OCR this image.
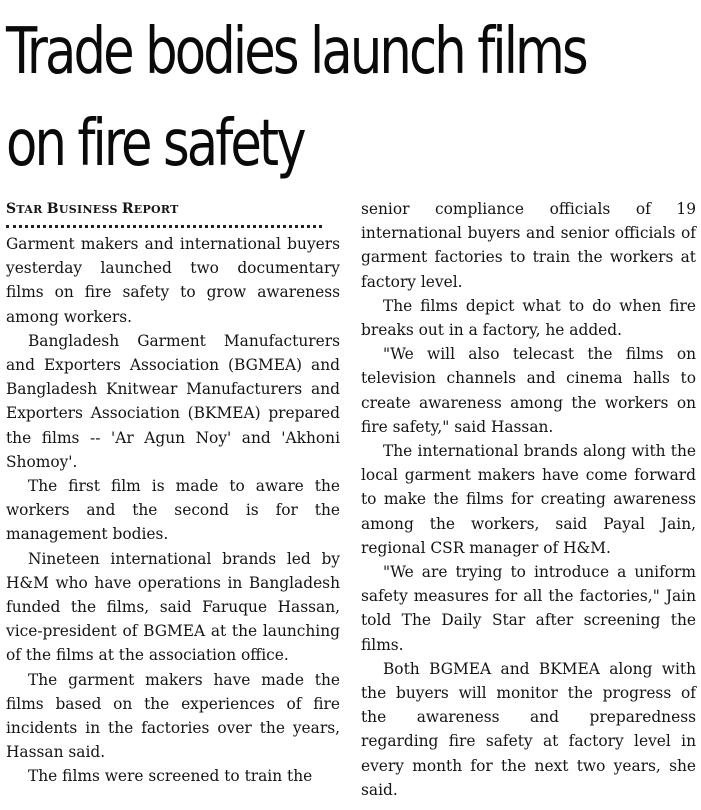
Trade bodies launch films
on fire safety
STAR BUSINESS REPORT

Garment makers and international buyers yesterday launched two documentary films on fire safety to grow awareness among workers.

Bangladesh Garment Manufacturers and Exporters Association (BGMEA) and Bangladesh Knitwear Manufacturers and Exporters Association (BKMEA) prepared the films -- 'Ar Agun Noy' and 'Akhoni Shomoy'.

The first film is made to aware the workers and the second is for the management bodies.

Nineteen international brands led by H&M who have operations in Bangladesh funded the films, said Faruque Hassan, vice-president of BGMEA at the launching of the films at the association office.

The garment makers have made the films based on the experiences of fire incidents in the factories over the years, Hassan said.

The films were screened to train the

senior compliance officials of 19 international buyers and senior officials of garment factories to train the workers at factory level.

The films depict what to do when fire breaks out in a factory, he added.

"We will also telecast the films on television channels and cinema halls to create awareness among the workers on fire safety," said Hassan.

The international brands along with the local garment makers have come forward to make the films for creating awareness among the workers, said Payal Jain, regional CSR manager of H&M.

"We are trying to introduce a uniform safety measures for all the factories," Jain told The Daily Star after screening the films.

Both BGMEA and BKMEA along with the buyers will monitor the progress of the awareness and preparedness regarding fire safety at factory level in every month for the next two years, she said.
